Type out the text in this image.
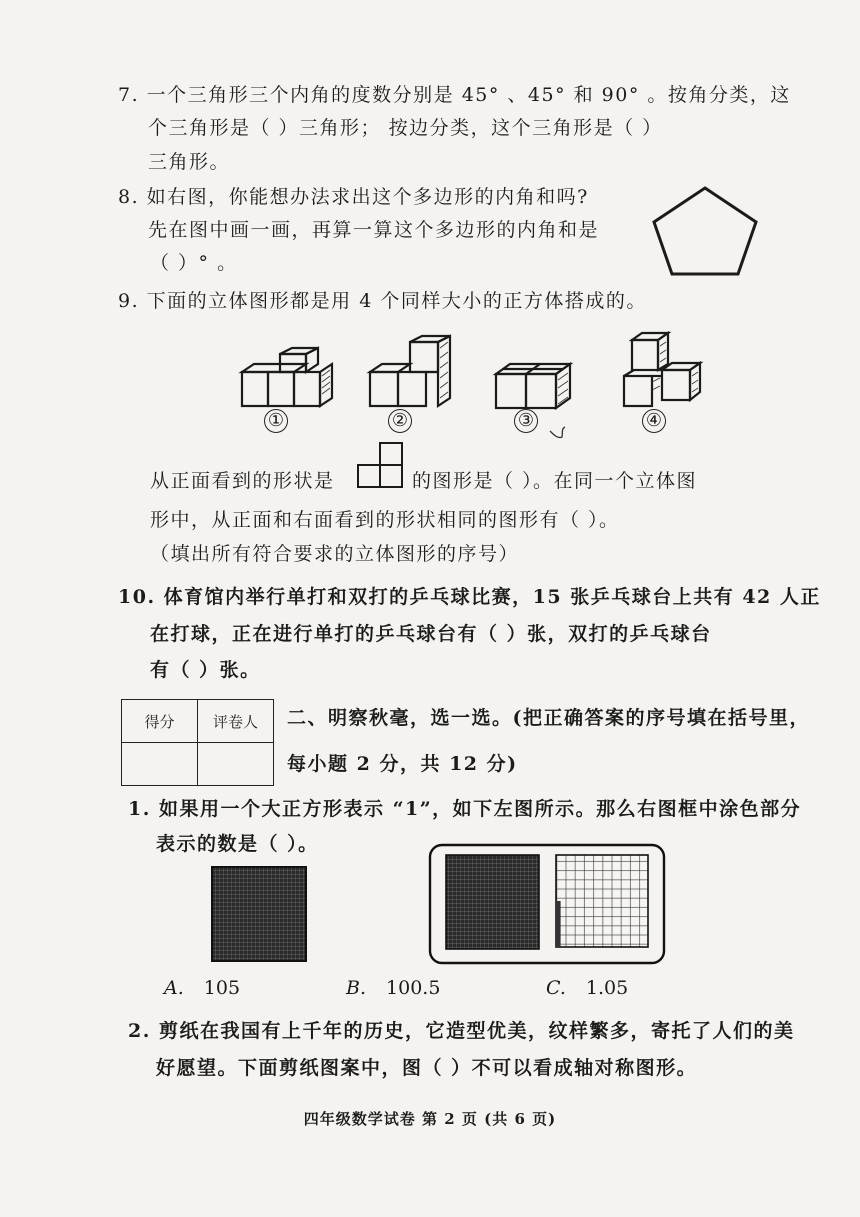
7. 一个三角形三个内角的度数分别是 45° 、45° 和 90° 。按角分类，这
个三角形是（ ）三角形； 按边分类，这个三角形是（ ）
三角形。
8. 如右图，你能想办法求出这个多边形的内角和吗?
先在图中画一画，再算一算这个多边形的内角和是
（ ）° 。
9. 下面的立体图形都是用 4 个同样大小的正方体搭成的。
①	②	③	④
从正面看到的形状是	的图形是（ ）。在同一个立体图
形中，从正面和右面看到的形状相同的图形有（ ）。
（填出所有符合要求的立体图形的序号）
10. 体育馆内举行单打和双打的乒乓球比赛，15 张乒乓球台上共有 42 人正
在打球，正在进行单打的乒乓球台有（ ）张，双打的乒乓球台
有（ ）张。
得分	评卷人
	二、明察秋毫，选一选。(把正确答案的序号填在括号里，
每小题 2 分，共 12 分)
1. 如果用一个大正方形表示 “1”，如下左图所示。那么右图框中涂色部分
表示的数是（ ）。
A. 105	B. 100.5	C. 1.05
2. 剪纸在我国有上千年的历史，它造型优美，纹样繁多，寄托了人们的美
好愿望。下面剪纸图案中，图（ ）不可以看成轴对称图形。
四年级数学试卷 第 2 页 (共 6 页)
